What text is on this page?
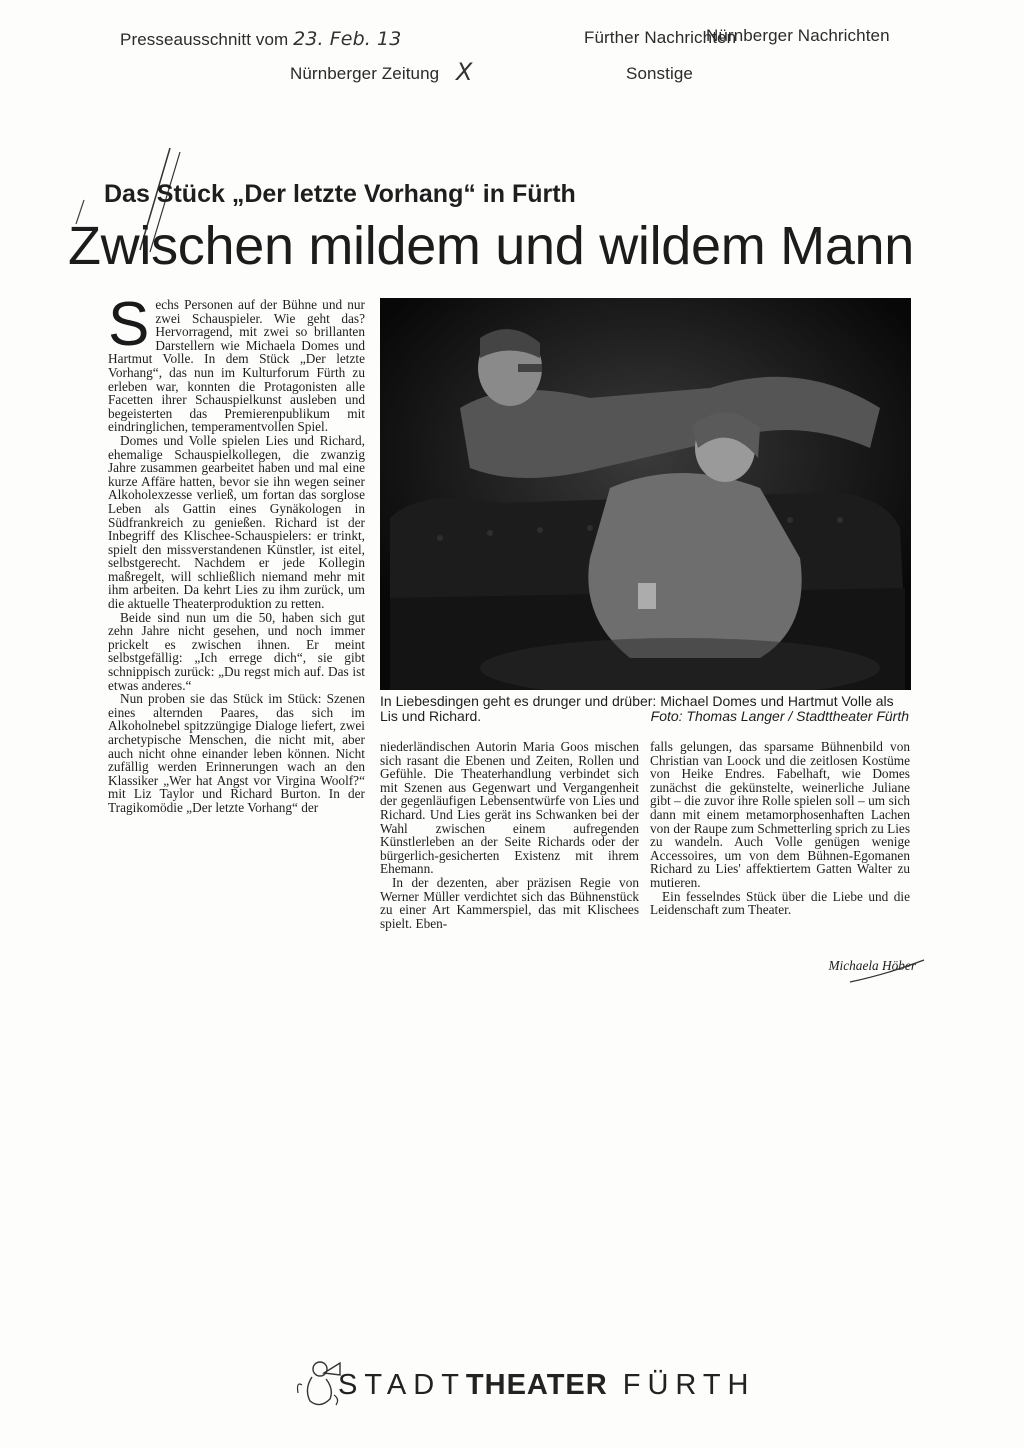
Presseausschnitt vom 23. Feb. 13	Fürther Nachrichten
Nürnberger Nachrichten
Nürnberger Zeitung X	Sonstige
Das Stück „Der letzte Vorhang“ in Fürth
Zwischen mildem und wildem Mann
S echs Personen auf der Bühne und nur zwei Schauspieler. Wie geht das? Hervorragend, mit zwei so brillanten Darstellern wie Michaela Domes und Hartmut Volle. In dem Stück „Der letzte Vorhang“, das nun im Kulturforum Fürth zu erleben war, konnten die Protagonisten alle Facetten ihrer Schauspielkunst ausleben und begeisterten das Premierenpublikum mit eindringlichen, temperamentvollen Spiel.

Domes und Volle spielen Lies und Richard, ehemalige Schauspielkollegen, die zwanzig Jahre zusammen gearbeitet haben und mal eine kurze Affäre hatten, bevor sie ihn wegen seiner Alkoholexzesse verließ, um fortan das sorglose Leben als Gattin eines Gynäkologen in Südfrankreich zu genießen. Richard ist der Inbegriff des Klischee-Schauspielers: er trinkt, spielt den missverstandenen Künstler, ist eitel, selbstgerecht. Nachdem er jede Kollegin maßregelt, will schließlich niemand mehr mit ihm arbeiten. Da kehrt Lies zu ihm zurück, um die aktuelle Theaterproduktion zu retten.

Beide sind nun um die 50, haben sich gut zehn Jahre nicht gesehen, und noch immer prickelt es zwischen ihnen. Er meint selbstgefällig: „Ich errege dich“, sie gibt schnippisch zurück: „Du regst mich auf. Das ist etwas anderes.“

Nun proben sie das Stück im Stück: Szenen eines alternden Paares, das sich im Alkoholnebel spitzzüngige Dialoge liefert, zwei archetypische Menschen, die nicht mit, aber auch nicht ohne einander leben können. Nicht zufällig werden Erinnerungen wach an den Klassiker „Wer hat Angst vor Virgina Woolf?“ mit Liz Taylor und Richard Burton. In der Tragikomödie „Der letzte Vorhang“ der

In Liebesdingen geht es drunger und drüber: Michael Domes und Hartmut Volle als Lis und Richard.	Foto: Thomas Langer / Stadttheater Fürth

niederländischen Autorin Maria Goos mischen sich rasant die Ebenen und Zeiten, Rollen und Gefühle. Die Theaterhandlung verbindet sich mit Szenen aus Gegenwart und Vergangenheit der gegenläufigen Lebensentwürfe von Lies und Richard. Und Lies gerät ins Schwanken bei der Wahl zwischen einem aufregenden Künstlerleben an der Seite Richards oder der bürgerlich-gesicherten Existenz mit ihrem Ehemann.

In der dezenten, aber präzisen Regie von Werner Müller verdichtet sich das Bühnenstück zu einer Art Kammerspiel, das mit Klischees spielt. Eben-

falls gelungen, das sparsame Bühnenbild von Christian van Loock und die zeitlosen Kostüme von Heike Endres. Fabelhaft, wie Domes zunächst die gekünstelte, weinerliche Juliane gibt – die zuvor ihre Rolle spielen soll – um sich dann mit einem metamorphosenhaften Lachen von der Raupe zum Schmetterling sprich zu Lies zu wandeln. Auch Volle genügen wenige Accessoires, um von dem Bühnen-Egomanen Richard zu Lies' affektiertem Gatten Walter zu mutieren.

Ein fesselndes Stück über die Liebe und die Leidenschaft zum Theater.

Michaela Höber
STADTTHEATER FÜRTH
